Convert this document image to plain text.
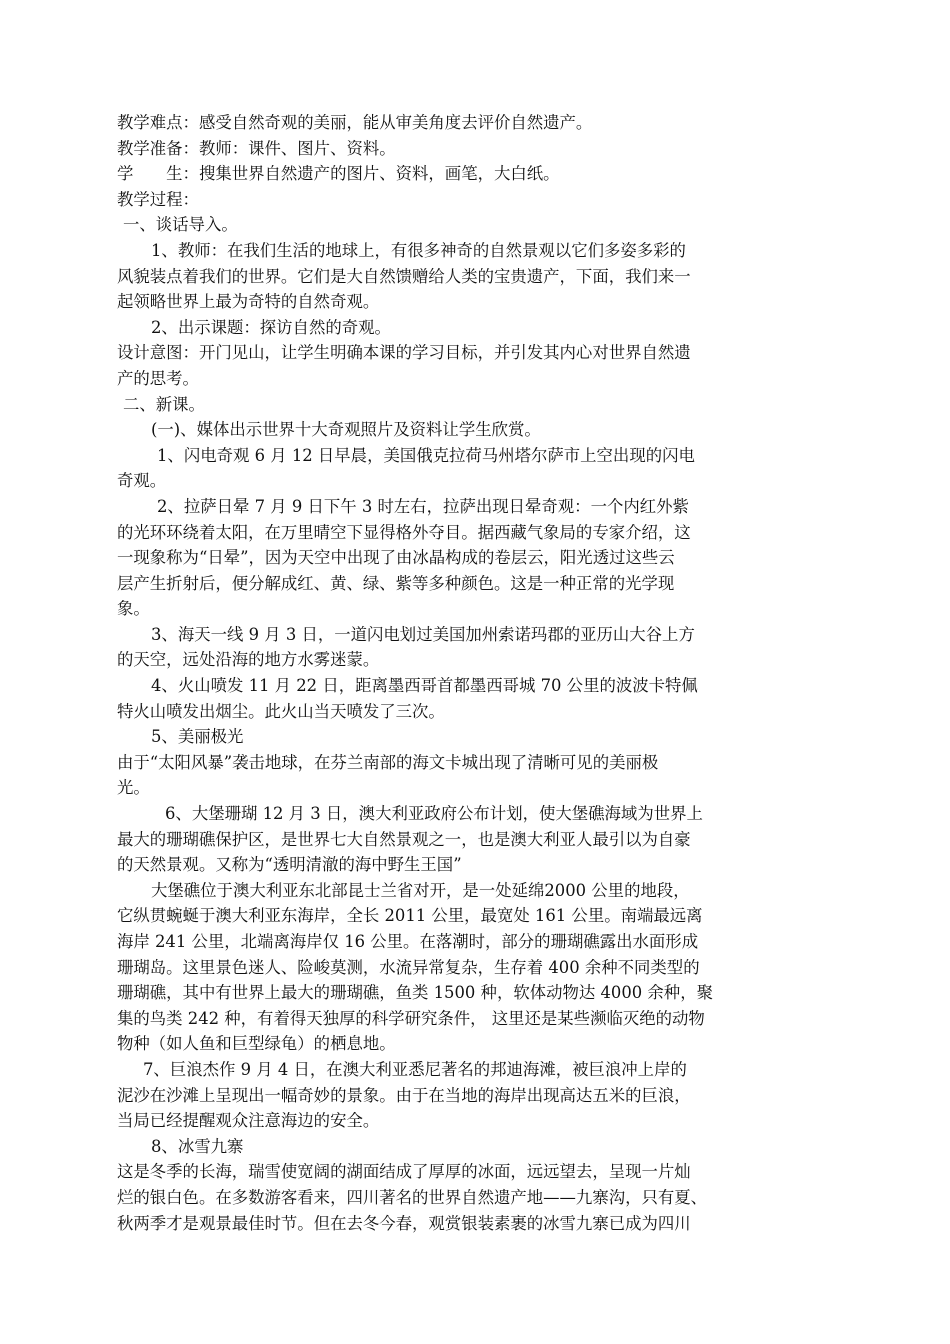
教学难点：感受自然奇观的美丽，能从审美角度去评价自然遗产。
教学准备：教师：课件、图片、资料。
学　　生：搜集世界自然遗产的图片、资料，画笔，大白纸。
教学过程：
一、谈话导入。
1、教师：在我们生活的地球上，有很多神奇的自然景观以它们多姿多彩的
风貌装点着我们的世界。它们是大自然馈赠给人类的宝贵遗产，下面，我们来一
起领略世界上最为奇特的自然奇观。
2、出示课题：探访自然的奇观。
设计意图：开门见山，让学生明确本课的学习目标，并引发其内心对世界自然遗
产的思考。
二、新课。
(一)、媒体出示世界十大奇观照片及资料让学生欣赏。
1、闪电奇观 6 月 12 日早晨，美国俄克拉荷马州塔尔萨市上空出现的闪电
奇观。
2、拉萨日晕 7 月 9 日下午 3 时左右，拉萨出现日晕奇观：一个内红外紫
的光环环绕着太阳，在万里晴空下显得格外夺目。据西藏气象局的专家介绍，这
一现象称为“日晕”，因为天空中出现了由冰晶构成的卷层云，阳光透过这些云
层产生折射后，便分解成红、黄、绿、紫等多种颜色。这是一种正常的光学现
象。
3、海天一线 9 月 3 日，一道闪电划过美国加州索诺玛郡的亚历山大谷上方
的天空，远处沿海的地方水雾迷蒙。
4、火山喷发 11 月 22 日，距离墨西哥首都墨西哥城 70 公里的波波卡特佩
特火山喷发出烟尘。此火山当天喷发了三次。
5、美丽极光
由于“太阳风暴”袭击地球，在芬兰南部的海文卡城出现了清晰可见的美丽极
光。
6、大堡珊瑚 12 月 3 日，澳大利亚政府公布计划，使大堡礁海域为世界上
最大的珊瑚礁保护区，是世界七大自然景观之一，也是澳大利亚人最引以为自豪
的天然景观。又称为“透明清澈的海中野生王国”
大堡礁位于澳大利亚东北部昆士兰省对开，是一处延绵2000 公里的地段，
它纵贯蜿蜒于澳大利亚东海岸，全长 2011 公里，最宽处 161 公里。南端最远离
海岸 241 公里，北端离海岸仅 16 公里。在落潮时，部分的珊瑚礁露出水面形成
珊瑚岛。这里景色迷人、险峻莫测，水流异常复杂，生存着 400 余种不同类型的
珊瑚礁，其中有世界上最大的珊瑚礁，鱼类 1500 种，软体动物达 4000 余种，聚
集的鸟类 242 种，有着得天独厚的科学研究条件， 这里还是某些濒临灭绝的动物
物种（如人鱼和巨型绿龟）的栖息地。
7、巨浪杰作 9 月 4 日，在澳大利亚悉尼著名的邦迪海滩，被巨浪冲上岸的
泥沙在沙滩上呈现出一幅奇妙的景象。由于在当地的海岸出现高达五米的巨浪，
当局已经提醒观众注意海边的安全。
8、冰雪九寨
这是冬季的长海，瑞雪使宽阔的湖面结成了厚厚的冰面，远远望去，呈现一片灿
烂的银白色。在多数游客看来，四川著名的世界自然遗产地——九寨沟，只有夏、
秋两季才是观景最佳时节。但在去冬今春，观赏银装素裹的冰雪九寨已成为四川
